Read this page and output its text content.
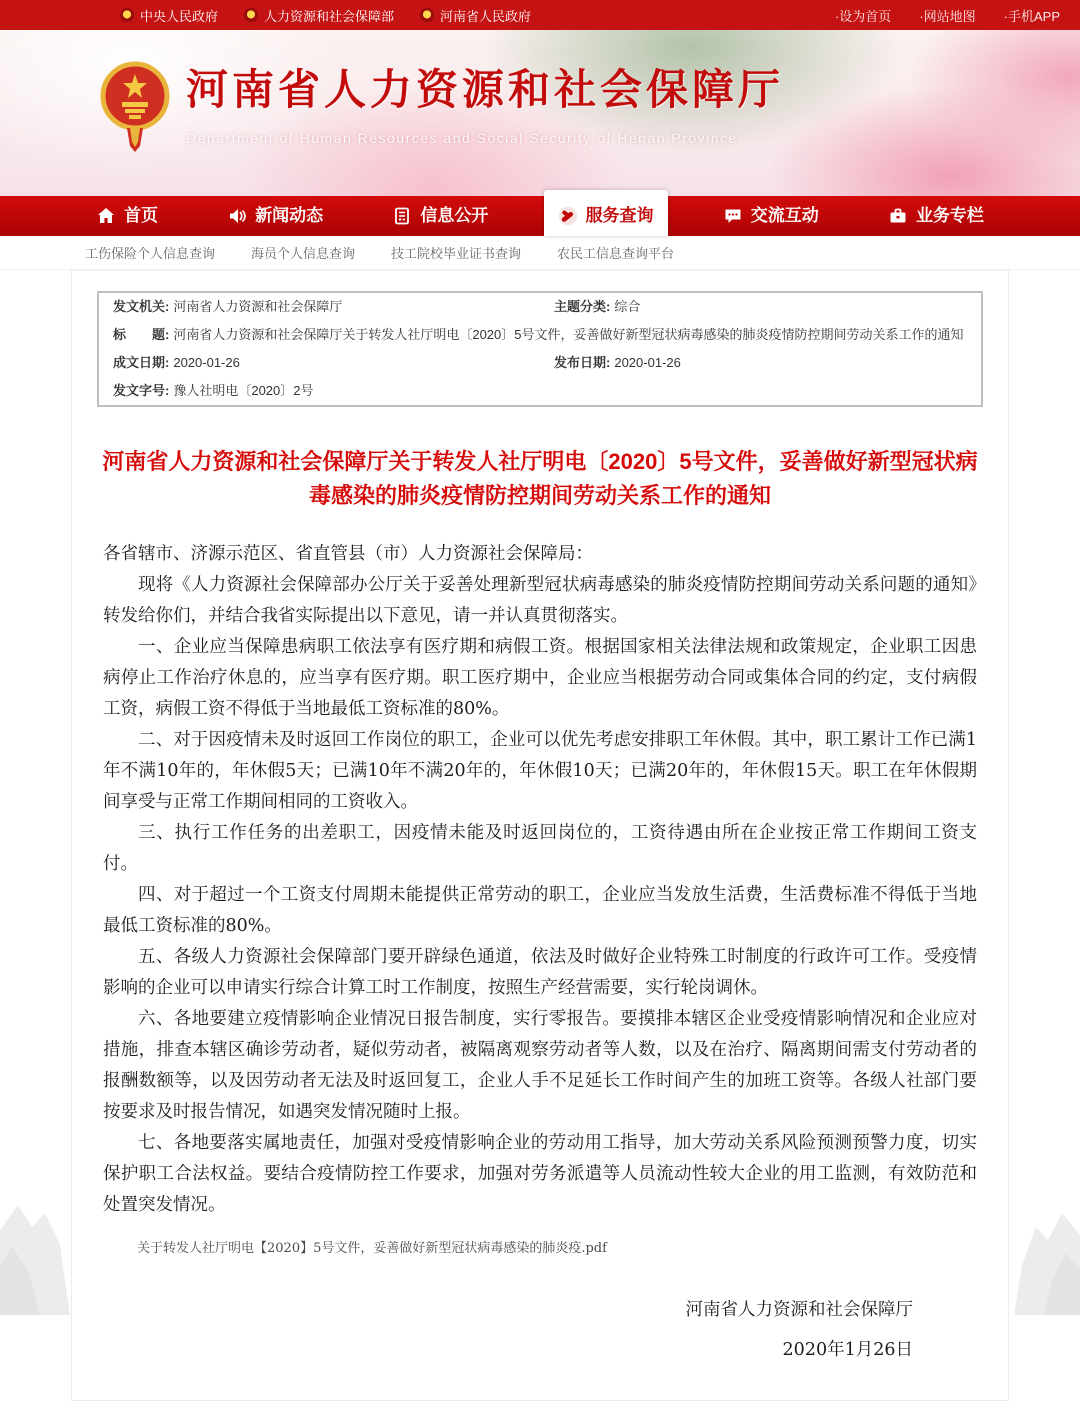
中央人民政府	人力资源和社会保障部	河南省人民政府	·设为首页 ·网站地图 ·手机APP
河南省人力资源和社会保障厅
Department of Human Resources and Social Security of Henan Province
首页	新闻动态	信息公开	服务查询	交流互动	业务专栏
工伤保险个人信息查询	海员个人信息查询	技工院校毕业证书查询	农民工信息查询平台
发文机关: 河南省人力资源和社会保障厅	主题分类: 综合

标　　题: 河南省人力资源和社会保障厅关于转发人社厅明电〔2020〕5号文件，妥善做好新型冠状病毒感染的肺炎疫情防控期间劳动关系工作的通知	

成文日期: 2020-01-26	发布日期: 2020-01-26

发文字号: 豫人社明电〔2020〕2号	
河南省人力资源和社会保障厅关于转发人社厅明电〔2020〕5号文件，妥善做好新型冠状病毒感染的肺炎疫情防控期间劳动关系工作的通知

各省辖市、济源示范区、省直管县（市）人力资源社会保障局：

现将《人力资源社会保障部办公厅关于妥善处理新型冠状病毒感染的肺炎疫情防控期间劳动关系问题的通知》转发给你们，并结合我省实际提出以下意见，请一并认真贯彻落实。

一、企业应当保障患病职工依法享有医疗期和病假工资。根据国家相关法律法规和政策规定，企业职工因患病停止工作治疗休息的，应当享有医疗期。职工医疗期中，企业应当根据劳动合同或集体合同的约定，支付病假工资，病假工资不得低于当地最低工资标准的80%。

二、对于因疫情未及时返回工作岗位的职工，企业可以优先考虑安排职工年休假。其中，职工累计工作已满1年不满10年的，年休假5天；已满10年不满20年的，年休假10天；已满20年的，年休假15天。职工在年休假期间享受与正常工作期间相同的工资收入。

三、执行工作任务的出差职工，因疫情未能及时返回岗位的，工资待遇由所在企业按正常工作期间工资支付。

四、对于超过一个工资支付周期未能提供正常劳动的职工，企业应当发放生活费，生活费标准不得低于当地最低工资标准的80%。

五、各级人力资源社会保障部门要开辟绿色通道，依法及时做好企业特殊工时制度的行政许可工作。受疫情影响的企业可以申请实行综合计算工时工作制度，按照生产经营需要，实行轮岗调休。

六、各地要建立疫情影响企业情况日报告制度，实行零报告。要摸排本辖区企业受疫情影响情况和企业应对措施，排查本辖区确诊劳动者，疑似劳动者，被隔离观察劳动者等人数，以及在治疗、隔离期间需支付劳动者的报酬数额等，以及因劳动者无法及时返回复工，企业人手不足延长工作时间产生的加班工资等。各级人社部门要按要求及时报告情况，如遇突发情况随时上报。

七、各地要落实属地责任，加强对受疫情影响企业的劳动用工指导，加大劳动关系风险预测预警力度，切实保护职工合法权益。要结合疫情防控工作要求，加强对劳务派遣等人员流动性较大企业的用工监测，有效防范和处置突发情况。

关于转发人社厅明电【2020】5号文件，妥善做好新型冠状病毒感染的肺炎疫.pdf
河南省人力资源和社会保障厅
2020年1月26日
